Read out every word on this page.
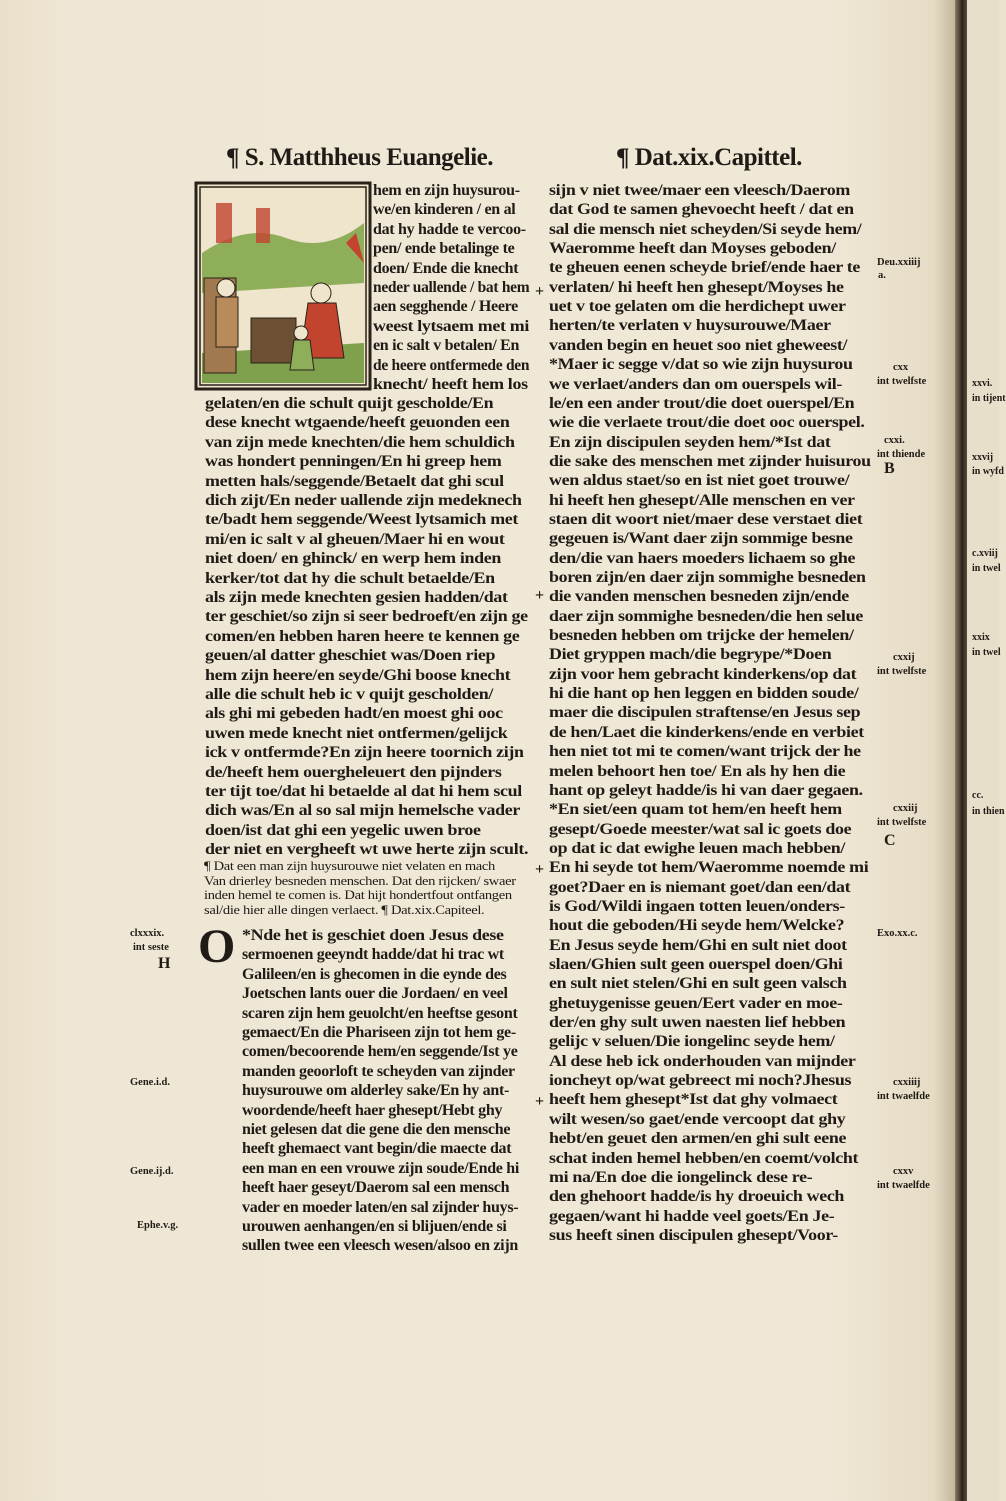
xxvi.
in tijent
xxvij
in wyfd
c.xviij
in twel
xxix
in twel
cc.
in thien
¶ S. Matthheus Euangelie.	¶ Dat.xix.Capittel.
hem en zijn huysurou-
we/en kinderen / en al
dat hy hadde te vercoo-
pen/ ende betalinge te
doen/ Ende die knecht
neder uallende / bat hem
aen segghende / Heere
weest lytsaem met mi
en ic salt v betalen/ En
de heere ontfermede den
knecht/ heeft hem los
gelaten/en die schult quijt gescholde/En
dese knecht wtgaende/heeft geuonden een
van zijn mede knechten/die hem schuldich
was hondert penningen/En hi greep hem
metten hals/seggende/Betaelt dat ghi scul
dich zijt/En neder uallende zijn medeknech
te/badt hem seggende/Weest lytsamich met
mi/en ic salt v al gheuen/Maer hi en wout
niet doen/ en ghinck/ en werp hem inden
kerker/tot dat hy die schult betaelde/En
als zijn mede knechten gesien hadden/dat
ter geschiet/so zijn si seer bedroeft/en zijn ge
comen/en hebben haren heere te kennen ge
geuen/al datter gheschiet was/Doen riep
hem zijn heere/en seyde/Ghi boose knecht
alle die schult heb ic v quijt gescholden/
als ghi mi gebeden hadt/en moest ghi ooc
uwen mede knecht niet ontfermen/gelijck
ick v ontfermde?En zijn heere toornich zijn
de/heeft hem ouergheleuert den pijnders
ter tijt toe/dat hi betaelde al dat hi hem scul
dich was/En al so sal mijn hemelsche vader
doen/ist dat ghi een yegelic uwen broe
der niet en vergheeft wt uwe herte zijn scult.
¶ Dat een man zijn huysurouwe niet velaten en mach
Van drierley besneden menschen. Dat den rijcken/ swaer
inden hemel te comen is. Dat hijt hondertfout ontfangen
sal/die hier alle dingen verlaect. ¶ Dat.xix.Capiteel.
O *Nde het is geschiet doen Jesus dese
sermoenen geeyndt hadde/dat hi trac wt
Galileen/en is ghecomen in die eynde des
Joetschen lants ouer die Jordaen/ en veel
scaren zijn hem geuolcht/en heeftse gesont
gemaect/En die Phariseen zijn tot hem ge-
comen/becoorende hem/en seggende/Ist ye
manden geoorloft te scheyden van zijnder
huysurouwe om alderley sake/En hy ant-
woordende/heeft haer ghesept/Hebt ghy
niet gelesen dat die gene die den mensche
heeft ghemaect vant begin/die maecte dat
een man en een vrouwe zijn soude/Ende hi
heeft haer geseyt/Daerom sal een mensch
vader en moeder laten/en sal zijnder huys-
urouwen aenhangen/en si blijuen/ende si
sullen twee een vleesch wesen/alsoo en zijn
sijn v niet twee/maer een vleesch/Daerom
dat God te samen ghevoecht heeft / dat en
sal die mensch niet scheyden/Si seyde hem/
Waeromme heeft dan Moyses geboden/
te gheuen eenen scheyde brief/ende haer te
verlaten/ hi heeft hen ghesept/Moyses he
uet v toe gelaten om die herdichept uwer
herten/te verlaten v huysurouwe/Maer
vanden begin en heuet soo niet gheweest/
*Maer ic segge v/dat so wie zijn huysurou
we verlaet/anders dan om ouerspels wil-
le/en een ander trout/die doet ouerspel/En
wie die verlaete trout/die doet ooc ouerspel.
En zijn discipulen seyden hem/*Ist dat
die sake des menschen met zijnder huisurou
wen aldus staet/so en ist niet goet trouwe/
hi heeft hen ghesept/Alle menschen en ver
staen dit woort niet/maer dese verstaet diet
gegeuen is/Want daer zijn sommige besne
den/die van haers moeders lichaem so ghe
boren zijn/en daer zijn sommighe besneden
die vanden menschen besneden zijn/ende
daer zijn sommighe besneden/die hen selue
besneden hebben om trijcke der hemelen/
Diet gryppen mach/die begrype/*Doen
zijn voor hem gebracht kinderkens/op dat
hi die hant op hen leggen en bidden soude/
maer die discipulen straftense/en Jesus sep
de hen/Laet die kinderkens/ende en verbiet
hen niet tot mi te comen/want trijck der he
melen behoort hen toe/ En als hy hen die
hant op geleyt hadde/is hi van daer gegaen.
*En siet/een quam tot hem/en heeft hem
gesept/Goede meester/wat sal ic goets doe
op dat ic dat ewighe leuen mach hebben/
En hi seyde tot hem/Waeromme noemde mi
goet?Daer en is niemant goet/dan een/dat
is God/Wildi ingaen totten leuen/onders-
hout die geboden/Hi seyde hem/Welcke?
En Jesus seyde hem/Ghi en sult niet doot
slaen/Ghien sult geen ouerspel doen/Ghi
en sult niet stelen/Ghi en sult geen valsch
ghetuygenisse geuen/Eert vader en moe-
der/en ghy sult uwen naesten lief hebben
gelijc v seluen/Die iongelinc seyde hem/
Al dese heb ick onderhouden van mijnder
ioncheyt op/wat gebreect mi noch?Jhesus
heeft hem ghesept*Ist dat ghy volmaect
wilt wesen/so gaet/ende vercoopt dat ghy
hebt/en geuet den armen/en ghi sult eene
schat inden hemel hebben/en coemt/volcht
mi na/En doe die iongelinck dese re-
den ghehoort hadde/is hy droeuich wech
gegaen/want hi hadde veel goets/En Je-
sus heeft sinen discipulen ghesept/Voor-
clxxxix.
int seste
H
Gene.i.d.
Gene.ij.d.
Ephe.v.g.
Deu.xxiiij
a.
cxx
int twelfste
cxxi.
int thiende
B
cxxij
int twelfste
cxxiij
int twelfste
C
Exo.xx.c.
cxxiiij
int twaelfde
cxxv
int twaelfde
+
+
+
+
